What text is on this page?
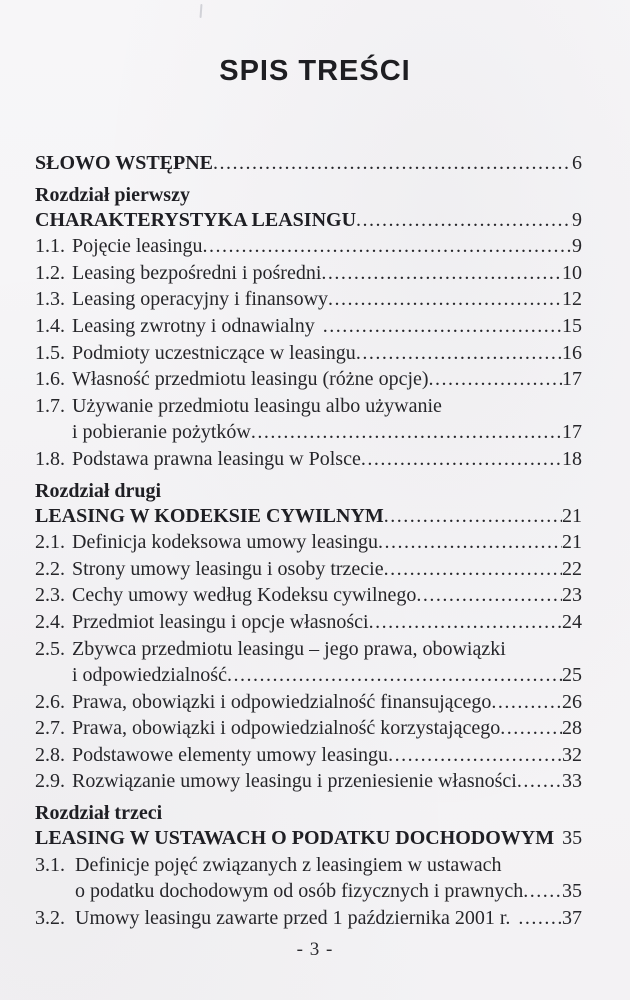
SPIS TREŚCI
SŁOWO WSTĘPNE .....	6
Rozdział pierwszy
CHARAKTERYSTYKA LEASINGU .....	9
1.1. Pojęcie leasingu .....	9
1.2. Leasing bezpośredni i pośredni .....	10
1.3. Leasing operacyjny i finansowy .....	12
1.4. Leasing zwrotny i odnawialny .....	15
1.5. Podmioty uczestniczące w leasingu .....	16
1.6. Własność przedmiotu leasingu (różne opcje) .....	17
1.7. Używanie przedmiotu leasingu albo używanie
i pobieranie pożytków .....	17
1.8. Podstawa prawna leasingu w Polsce .....	18
Rozdział drugi
LEASING W KODEKSIE CYWILNYM .....	21
2.1. Definicja kodeksowa umowy leasingu .....	21
2.2. Strony umowy leasingu i osoby trzecie .....	22
2.3. Cechy umowy według Kodeksu cywilnego .....	23
2.4. Przedmiot leasingu i opcje własności .....	24
2.5. Zbywca przedmiotu leasingu – jego prawa, obowiązki
i odpowiedzialność .....	25
2.6. Prawa, obowiązki i odpowiedzialność finansującego .....	26
2.7. Prawa, obowiązki i odpowiedzialność korzystającego .....	28
2.8. Podstawowe elementy umowy leasingu .....	32
2.9. Rozwiązanie umowy leasingu i przeniesienie własności ..... 33
Rozdział trzeci
LEASING W USTAWACH O PODATKU DOCHODOWYM ..... 35
3.1. Definicje pojęć związanych z leasingiem w ustawach
o podatku dochodowym od osób fizycznych i prawnych ..... 35
3.2. Umowy leasingu zawarte przed 1 października 2001 r. .....	37
- 3 -
